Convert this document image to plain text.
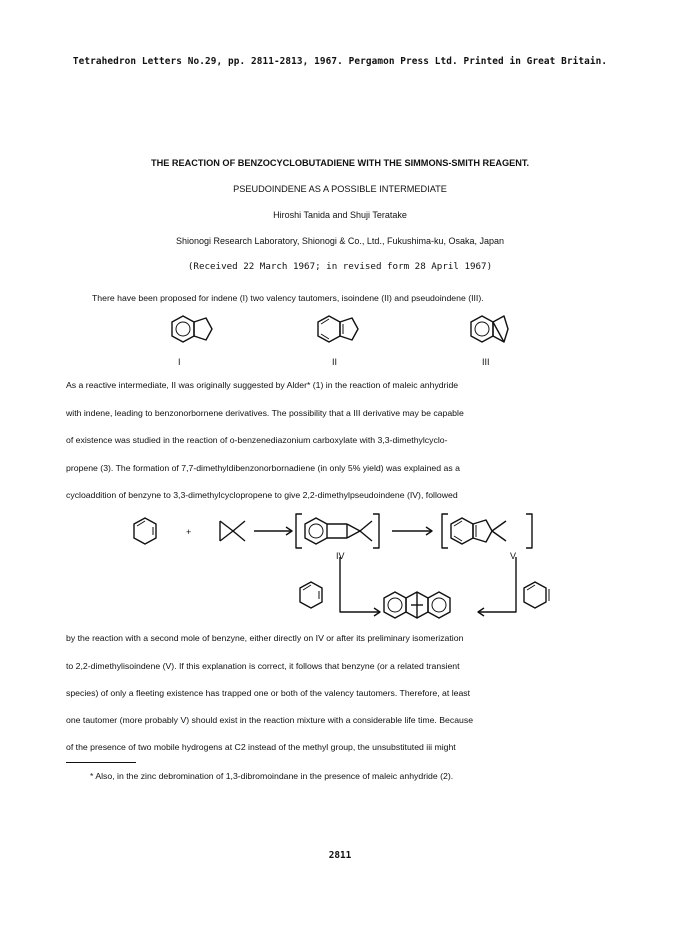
Tetrahedron Letters No.29, pp. 2811-2813, 1967. Pergamon Press Ltd. Printed in Great Britain.
THE REACTION OF BENZOCYCLOBUTADIENE WITH THE SIMMONS-SMITH REAGENT.
PSEUDOINDENE AS A POSSIBLE INTERMEDIATE
Hiroshi Tanida and Shuji Teratake
Shionogi Research Laboratory, Shionogi & Co., Ltd., Fukushima-ku, Osaka, Japan
(Received 22 March 1967; in revised form 28 April 1967)
There have been proposed for indene (I) two valency tautomers, isoindene (II) and pseudoindene (III).
I	II	III
As a reactive intermediate, II was originally suggested by Alder* (1) in the reaction of maleic anhydride
with indene, leading to benzonorbornene derivatives. The possibility that a III derivative may be capable
of existence was studied in the reaction of o-benzenediazonium carboxylate with 3,3-dimethylcyclo-
propene (3). The formation of 7,7-dimethyldibenzonorbornadiene (in only 5% yield) was explained as a
cycloaddition of benzyne to 3,3-dimethylcyclopropene to give 2,2-dimethylpseudoindene (IV), followed
+
IV	V
by the reaction with a second mole of benzyne, either directly on IV or after its preliminary isomerization
to 2,2-dimethylisoindene (V). If this explanation is correct, it follows that benzyne (or a related transient
species) of only a fleeting existence has trapped one or both of the valency tautomers. Therefore, at least
one tautomer (more probably V) should exist in the reaction mixture with a considerable life time. Because
of the presence of two mobile hydrogens at C2 instead of the methyl group, the unsubstituted iii might
* Also, in the zinc debromination of 1,3-dibromoindane in the presence of maleic anhydride (2).
2811
